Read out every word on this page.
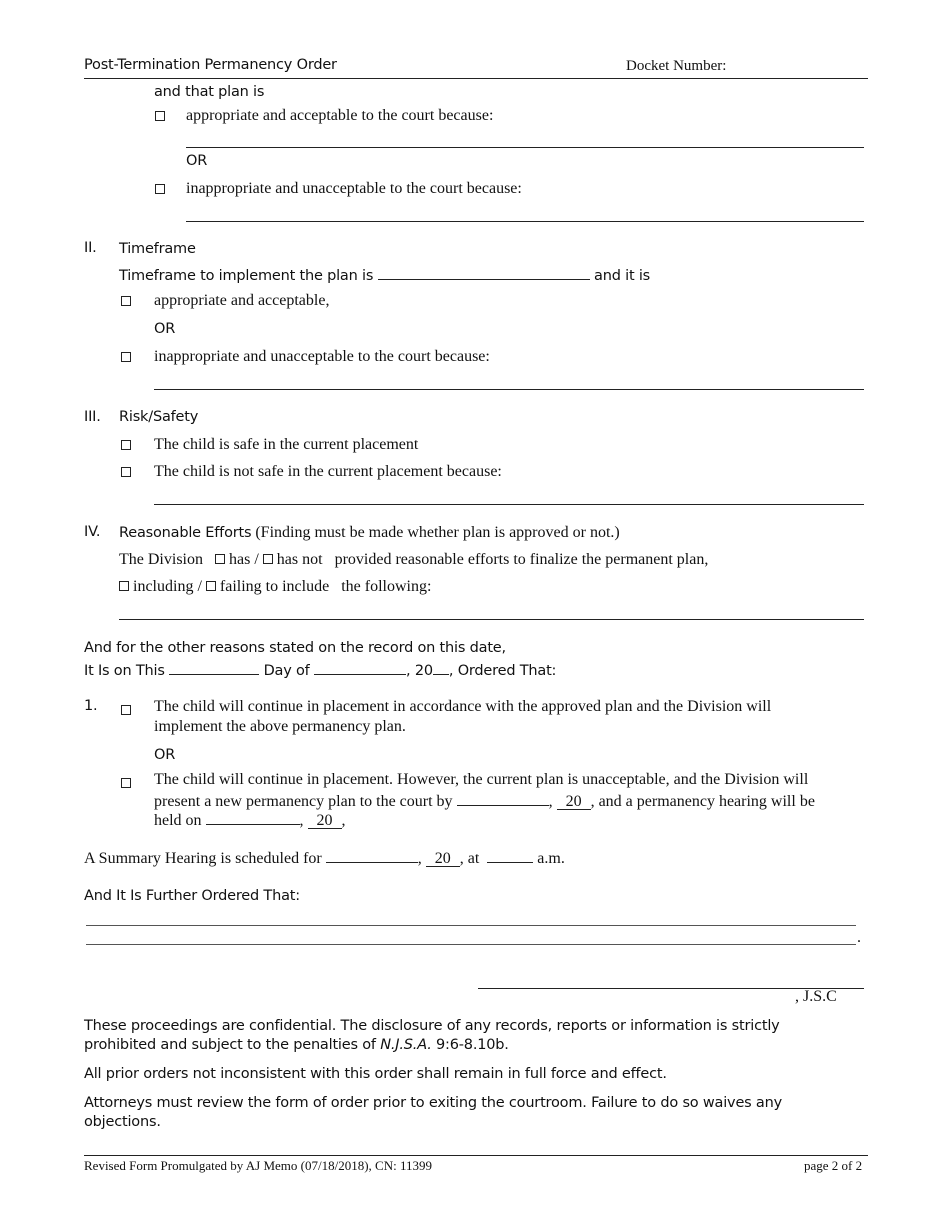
Post-Termination Permanency Order	Docket Number:
and that plan is
appropriate and acceptable to the court because:
OR
inappropriate and unacceptable to the court because:
II. Timeframe
Timeframe to implement the plan is	and it is
appropriate and acceptable,
OR
inappropriate and unacceptable to the court because:
III. Risk/Safety
The child is safe in the current placement
The child is not safe in the current placement because:
IV. Reasonable Efforts (Finding must be made whether plan is approved or not.)
The Division has / has not provided reasonable efforts to finalize the permanent plan,
including / failing to include the following:
And for the other reasons stated on the record on this date,
It Is on This	Day of	, 20 , Ordered That:
1.	The child will continue in placement in accordance with the approved plan and the Division will
implement the above permanency plan.
OR
The child will continue in placement. However, the current plan is unacceptable, and the Division will
present a new permanency plan to the court by	, 20 , and a permanency hearing will be
held on	, 20 ,
A Summary Hearing is scheduled for	, 20 , at	a.m.
And It Is Further Ordered That:
.
, J.S.C
These proceedings are confidential. The disclosure of any records, reports or information is strictly
prohibited and subject to the penalties of N.J.S.A. 9:6-8.10b.
All prior orders not inconsistent with this order shall remain in full force and effect.
Attorneys must review the form of order prior to exiting the courtroom. Failure to do so waives any
objections.
Revised Form Promulgated by AJ Memo (07/18/2018), CN: 11399	page 2 of 2
